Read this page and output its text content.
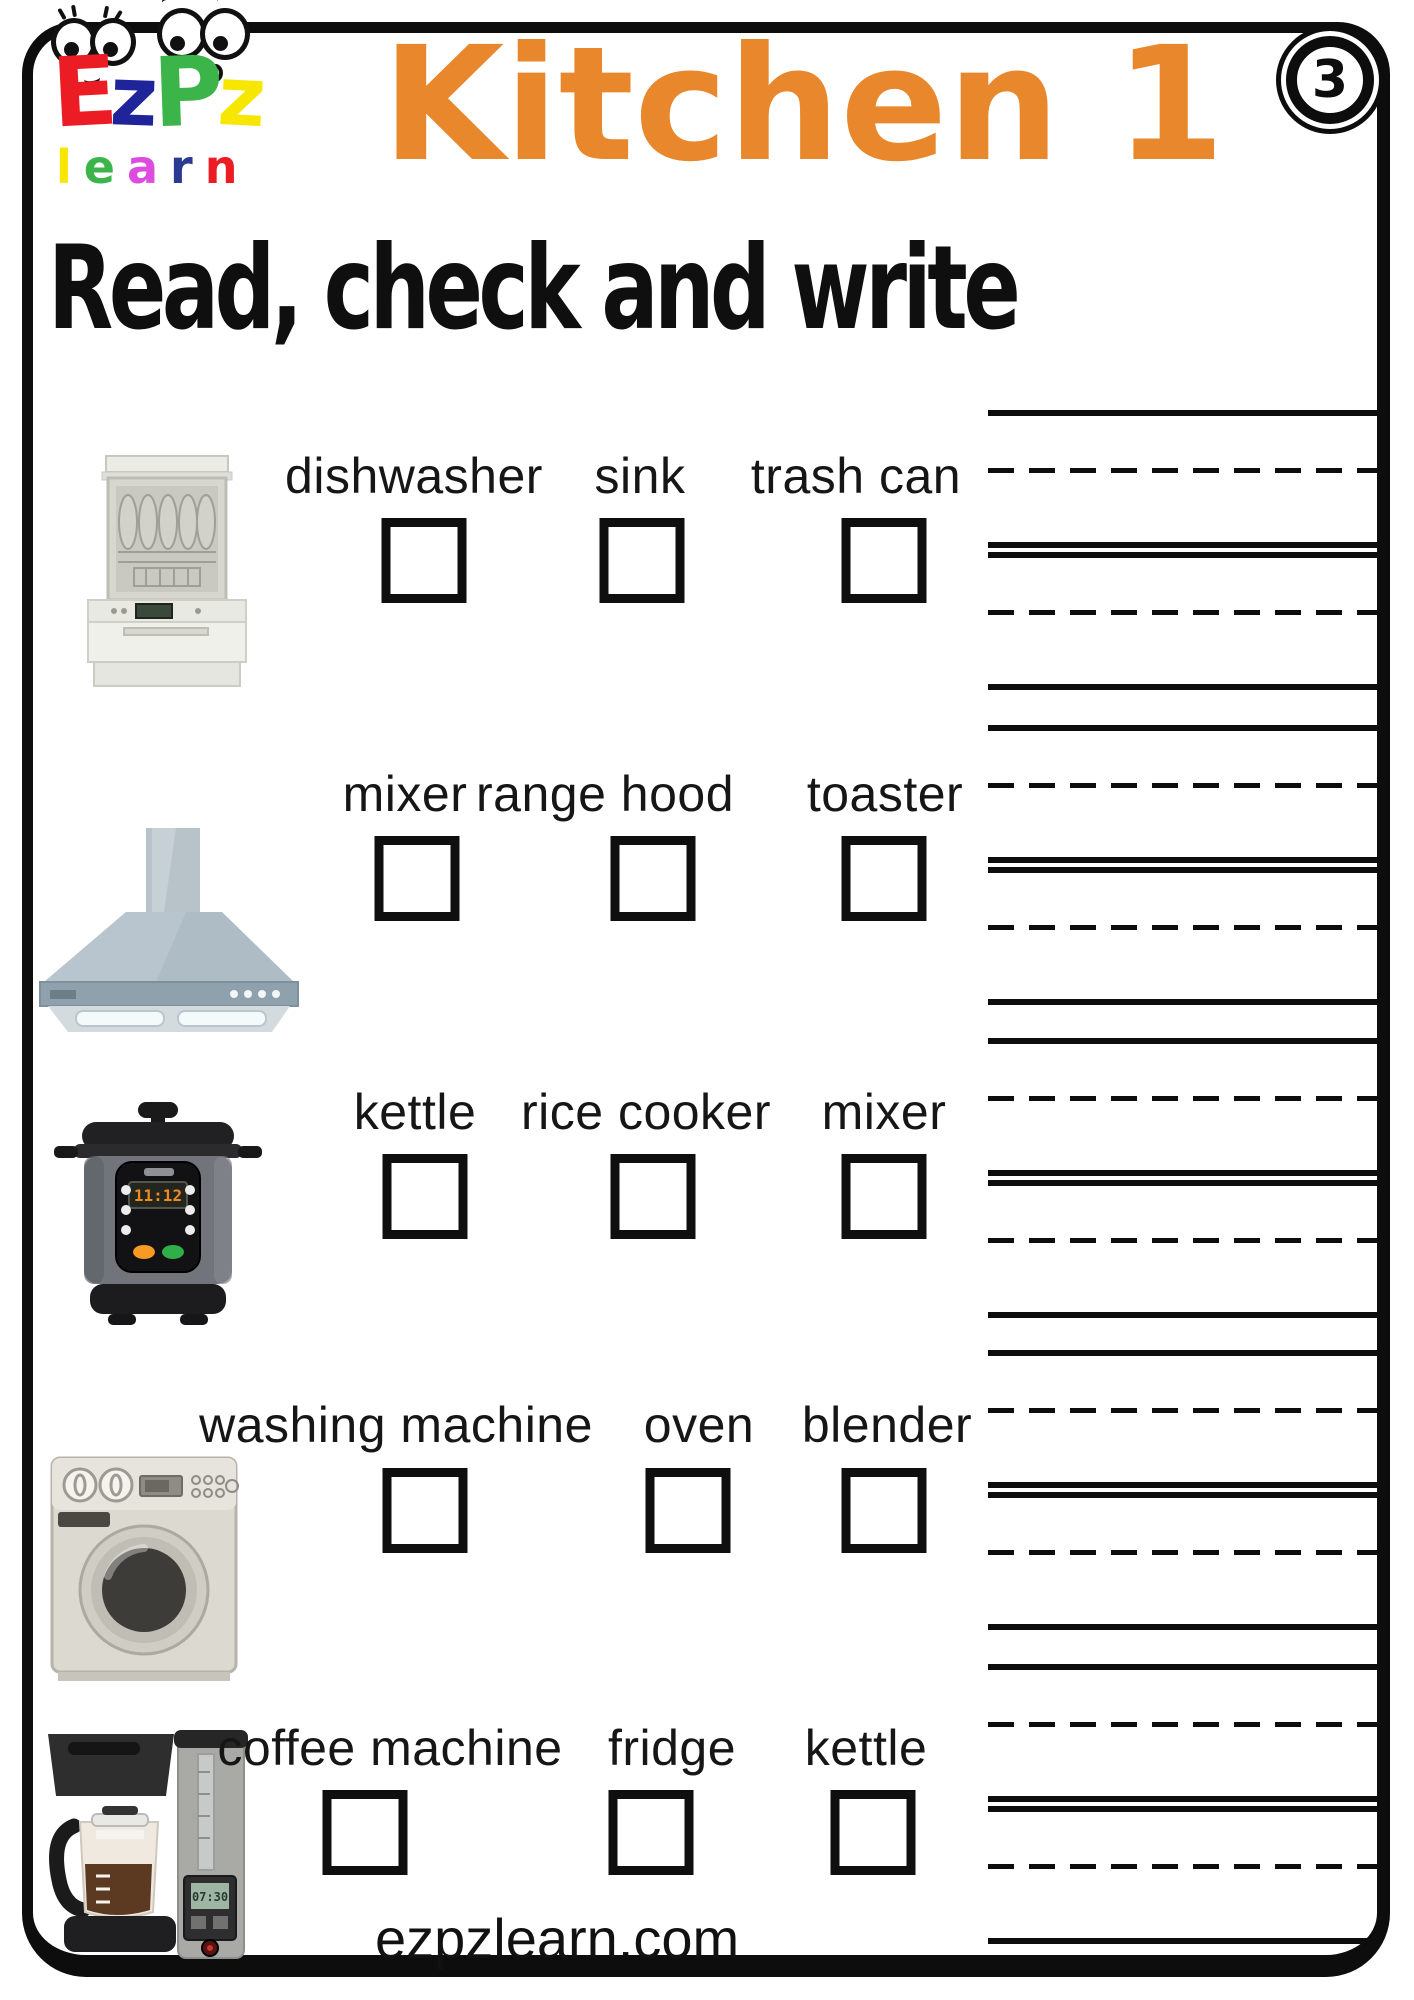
EzPz
learn Kitchen 1	3
Read, check and write
dishwasher sink trash can
mixer range hood toaster
11:12
kettle rice cooker mixer
washing machine oven blender
07:30
coffee machine fridge kettle
ezpzlearn.com
